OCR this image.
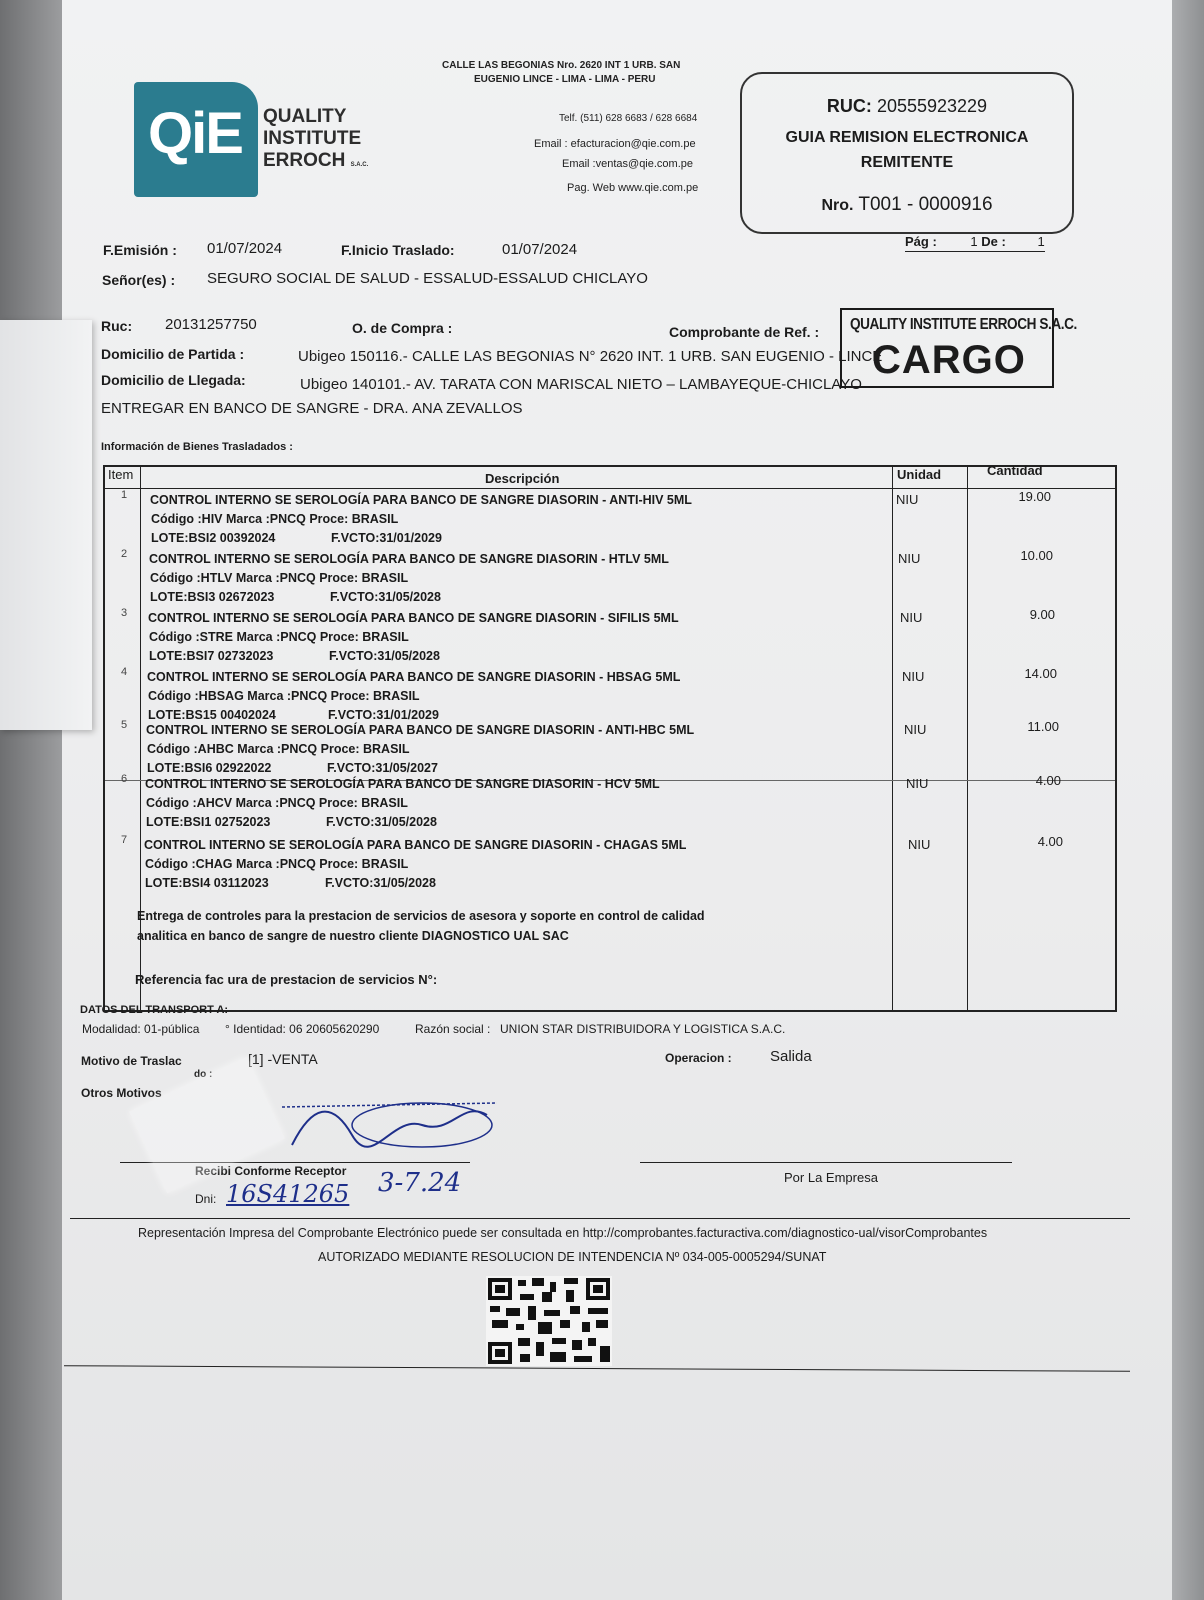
CALLE LAS BEGONIAS Nro. 2620 INT 1 URB. SAN
EUGENIO LINCE - LIMA - LIMA - PERU
Telf. (511) 628 6683 / 628 6684
Email : efacturacion@qie.com.pe
Email :ventas@qie.com.pe
Pag. Web www.qie.com.pe
RUC: 20555923229
GUIA REMISION ELECTRONICA
REMITENTE
Nro. T001 - 0000916
Pág :	1 De : 1
F.Emisión : 01/07/2024	F.Inicio Traslado:	01/07/2024
Señor(es) : SEGURO SOCIAL DE SALUD - ESSALUD-ESSALUD CHICLAYO
Ruc: 20131257750	O. de Compra :	Comprobante de Ref. :
Domicilio de Partida :	Ubigeo 150116.- CALLE LAS BEGONIAS N° 2620 INT. 1 URB. SAN EUGENIO - LINCE
Domicilio de Llegada:	Ubigeo 140101.- AV. TARATA CON MARISCAL NIETO – LAMBAYEQUE-CHICLAYO
ENTREGAR EN BANCO DE SANGRE - DRA. ANA ZEVALLOS
QUALITY INSTITUTE ERROCH S.A.C.
CARGO
Información de Bienes Trasladados :
Item	Descripción	Unidad	Cantidad
1 CONTROL INTERNO SE SEROLOGÍA PARA BANCO DE SANGRE DIASORIN - ANTI-HIV 5ML
Código :HIV Marca :PNCQ Proce: BRASIL
LOTE:BSI2 00392024	F.VCTO:31/01/2029
NIU	19.00
2 CONTROL INTERNO SE SEROLOGÍA PARA BANCO DE SANGRE DIASORIN - HTLV 5ML
Código :HTLV Marca :PNCQ Proce: BRASIL
LOTE:BSI3 02672023	F.VCTO:31/05/2028
NIU	10.00
3 CONTROL INTERNO SE SEROLOGÍA PARA BANCO DE SANGRE DIASORIN - SIFILIS 5ML
Código :STRE Marca :PNCQ Proce: BRASIL
LOTE:BSI7 02732023	F.VCTO:31/05/2028
NIU	9.00
4 CONTROL INTERNO SE SEROLOGÍA PARA BANCO DE SANGRE DIASORIN - HBSAG 5ML
Código :HBSAG Marca :PNCQ Proce: BRASIL
LOTE:BS15 00402024	F.VCTO:31/01/2029
NIU	14.00
5 CONTROL INTERNO SE SEROLOGÍA PARA BANCO DE SANGRE DIASORIN - ANTI-HBC 5ML
Código :AHBC Marca :PNCQ Proce: BRASIL
LOTE:BSI6 02922022	F.VCTO:31/05/2027
NIU	11.00
6 CONTROL INTERNO SE SEROLOGÍA PARA BANCO DE SANGRE DIASORIN - HCV 5ML
Código :AHCV Marca :PNCQ Proce: BRASIL
LOTE:BSI1 02752023	F.VCTO:31/05/2028
NIU	4.00
7 CONTROL INTERNO SE SEROLOGÍA PARA BANCO DE SANGRE DIASORIN - CHAGAS 5ML
Código :CHAG Marca :PNCQ Proce: BRASIL
LOTE:BSI4 03112023	F.VCTO:31/05/2028
NIU	4.00
Entrega de controles para la prestacion de servicios de asesora y soporte en control de calidad
analitica en banco de sangre de nuestro cliente DIAGNOSTICO UAL SAC
Referencia fac ura de prestacion de servicios N°:
DATOS DEL TRANSPORT A:
Modalidad: 01-pública ° Identidad: 06 20605620290	Razón social : UNION STAR DISTRIBUIDORA Y LOGISTICA S.A.C.
Motivo de Traslac	[1] -VENTA	Operacion :	Salida
do :
Otros Motivos
Recibi Conforme Receptor
Dni: 16S41265 3-7.24	Por La Empresa
Representación Impresa del Comprobante Electrónico puede ser consultada en http://comprobantes.facturactiva.com/diagnostico-ual/visorComprobantes
AUTORIZADO MEDIANTE RESOLUCION DE INTENDENCIA Nº 034-005-0005294/SUNAT
QiE QUALITY
INSTITUTE
ERROCH S.A.C.
